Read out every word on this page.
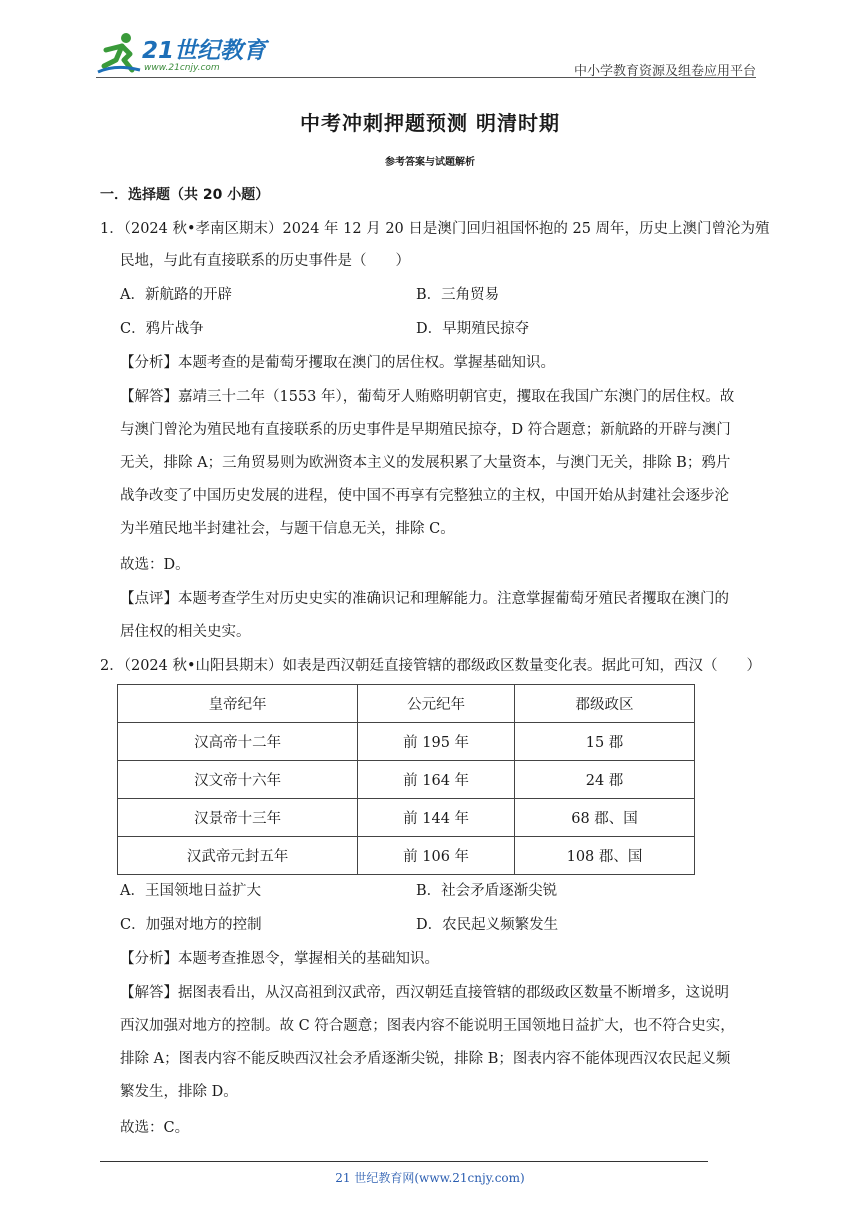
21世纪教育
www.21cnjy.com	中小学教育资源及组卷应用平台
中考冲刺押题预测 明清时期
参考答案与试题解析
一．选择题（共 20 小题）
1．（2024 秋•孝南区期末）2024 年 12 月 20 日是澳门回归祖国怀抱的 25 周年，历史上澳门曾沦为殖
民地，与此有直接联系的历史事件是（　　）
A．新航路的开辟	B．三角贸易
C．鸦片战争	D．早期殖民掠夺
【分析】本题考查的是葡萄牙攫取在澳门的居住权。掌握基础知识。
【解答】嘉靖三十二年（1553 年），葡萄牙人贿赂明朝官吏，攫取在我国广东澳门的居住权。故
与澳门曾沦为殖民地有直接联系的历史事件是早期殖民掠夺，D 符合题意；新航路的开辟与澳门
无关，排除 A；三角贸易则为欧洲资本主义的发展积累了大量资本，与澳门无关，排除 B；鸦片
战争改变了中国历史发展的进程，使中国不再享有完整独立的主权，中国开始从封建社会逐步沦
为半殖民地半封建社会，与题干信息无关，排除 C。
故选：D。
【点评】本题考查学生对历史史实的准确识记和理解能力。注意掌握葡萄牙殖民者攫取在澳门的
居住权的相关史实。
2．（2024 秋•山阳县期末）如表是西汉朝廷直接管辖的郡级政区数量变化表。据此可知，西汉（　　）
皇帝纪年	公元纪年	郡级政区
汉高帝十二年	前 195 年	15 郡
汉文帝十六年	前 164 年	24 郡
汉景帝十三年	前 144 年	68 郡、国
汉武帝元封五年	前 106 年	108 郡、国
A．王国领地日益扩大	B．社会矛盾逐渐尖锐
C．加强对地方的控制	D．农民起义频繁发生
【分析】本题考查推恩令，掌握相关的基础知识。
【解答】据图表看出，从汉高祖到汉武帝，西汉朝廷直接管辖的郡级政区数量不断增多，这说明
西汉加强对地方的控制。故 C 符合题意；图表内容不能说明王国领地日益扩大，也不符合史实，
排除 A；图表内容不能反映西汉社会矛盾逐渐尖锐，排除 B；图表内容不能体现西汉农民起义频
繁发生，排除 D。
故选：C。
21 世纪教育网(www.21cnjy.com)
